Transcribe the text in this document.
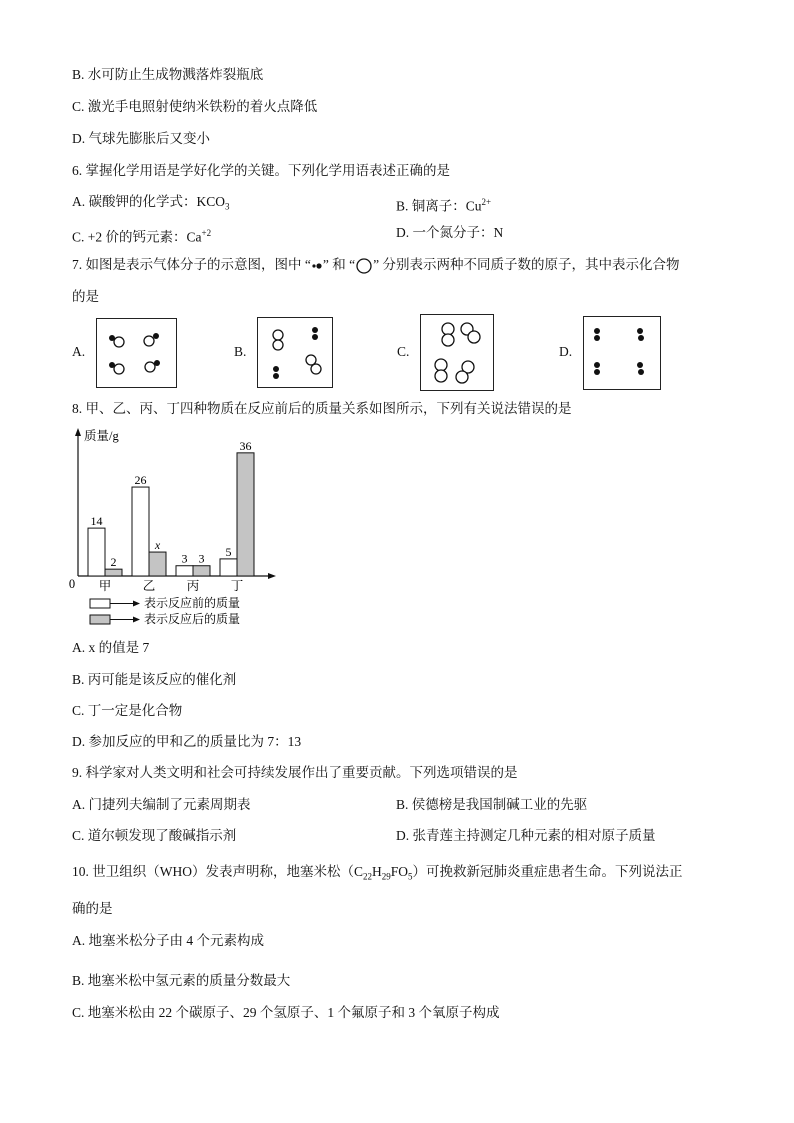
B. 水可防止生成物溅落炸裂瓶底
C. 激光手电照射使纳米铁粉的着火点降低
D. 气球先膨胀后又变小
6. 掌握化学用语是学好化学的关键。下列化学用语表述正确的是
A. 碳酸钾的化学式：$KCO_3$	B. 铜离子：$Cu^{2+}$
C. +2 价的钙元素：$Ca^{+2}$	D. 一个氮分子：N
7. 如图是表示气体分子的示意图，图中 “ ” 和 “ ” 分别表示两种不同质子数的原子，其中表示化合物
的是
A.	B.	C.	D.
8. 甲、乙、丙、丁四种物质在反应前后的质量关系如图所示，下列有关说法错误的是
质量/g
0
14
2
26
x
3 3 5
36
甲	乙	丙	丁
表示反应前的质量
表示反应后的质量
A. x 的值是 7
B. 丙可能是该反应的催化剂
C. 丁一定是化合物
D. 参加反应的甲和乙的质量比为 7：13
9. 科学家对人类文明和社会可持续发展作出了重要贡献。下列选项错误的是
A. 门捷列夫编制了元素周期表	B. 侯德榜是我国制碱工业的先驱
C. 道尔顿发现了酸碱指示剂	D. 张青莲主持测定几种元素的相对原子质量
10. 世卫组织（WHO）发表声明称，地塞米松$(C_{22}H_{29}FO_5)$可挽救新冠肺炎重症患者生命。下列说法正
确的是
A. 地塞米松分子由 4 个元素构成
B. 地塞米松中氢元素的质量分数最大
C. 地塞米松由 22 个碳原子、29 个氢原子、1 个氟原子和 3 个氧原子构成
